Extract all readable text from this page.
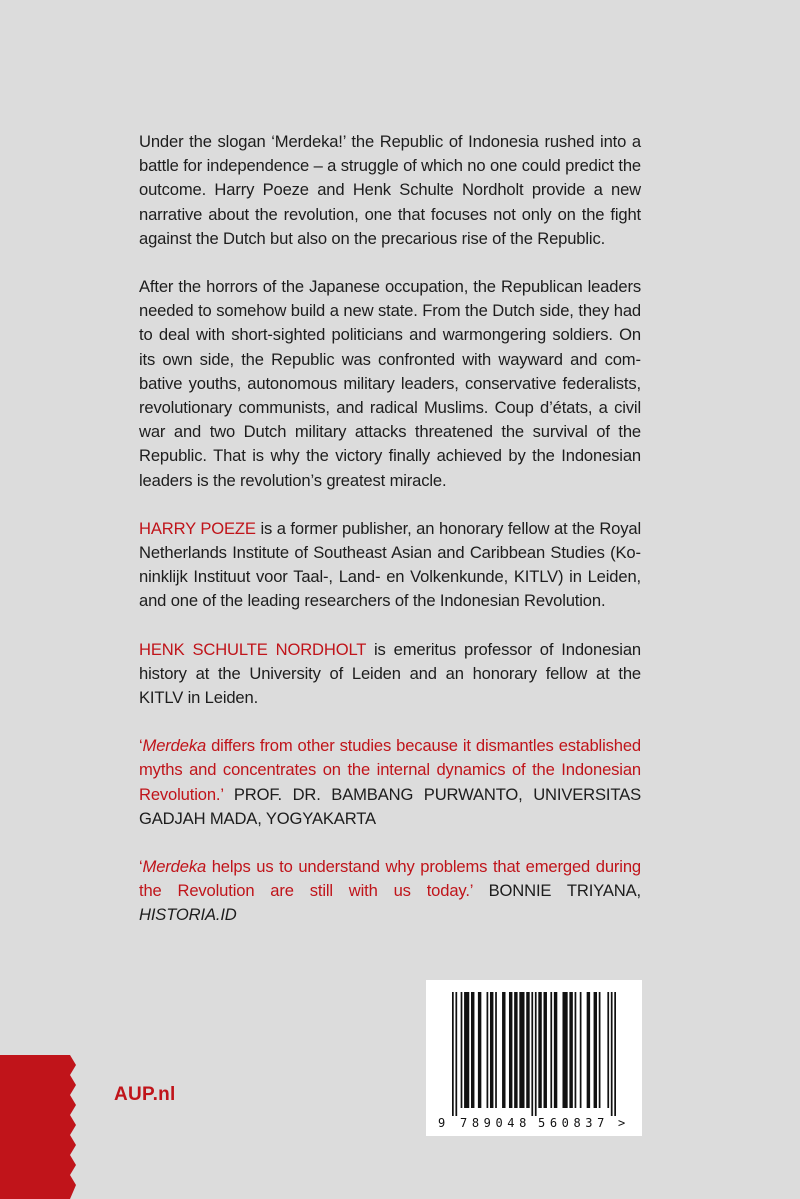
Under the slogan ‘Merdeka!’ the Republic of Indonesia rushed into a battle for independence – a struggle of which no one could predict the outcome. Harry Poeze and Henk Schulte Nordholt provide a new narrative about the revolution, one that focuses not only on the fight against the Dutch but also on the precarious rise of the Republic.

After the horrors of the Japanese occupation, the Republican leaders needed to somehow build a new state. From the Dutch side, they had to deal with short-sighted politicians and warmongering soldiers. On its own side, the Republic was confronted with wayward and combative youths, autonomous military leaders, conservative federalists, revolutionary communists, and radical Muslims. Coup d’états, a civil war and two Dutch military attacks threatened the survival of the Republic. That is why the victory finally achieved by the Indonesian leaders is the revolution’s greatest miracle.

HARRY POEZE is a former publisher, an honorary fellow at the Royal Netherlands Institute of Southeast Asian and Caribbean Studies (Koninklijk Instituut voor Taal-, Land- en Volkenkunde, KITLV) in Leiden, and one of the leading researchers of the Indonesian Revolution.

HENK SCHULTE NORDHOLT is emeritus professor of Indonesian history at the University of Leiden and an honorary fellow at the KITLV in Leiden.

‘Merdeka differs from other studies because it dismantles established myths and concentrates on the internal dynamics of the Indonesian Revolution.’ PROF. DR. BAMBANG PURWANTO, UNIVERSITAS GADJAH MADA, YOGYAKARTA

‘Merdeka helps us to understand why problems that emerged during the Revolution are still with us today.’ BONNIE TRIYANA, HISTORIA.ID

AUP.nl
9 789048 560837 >
